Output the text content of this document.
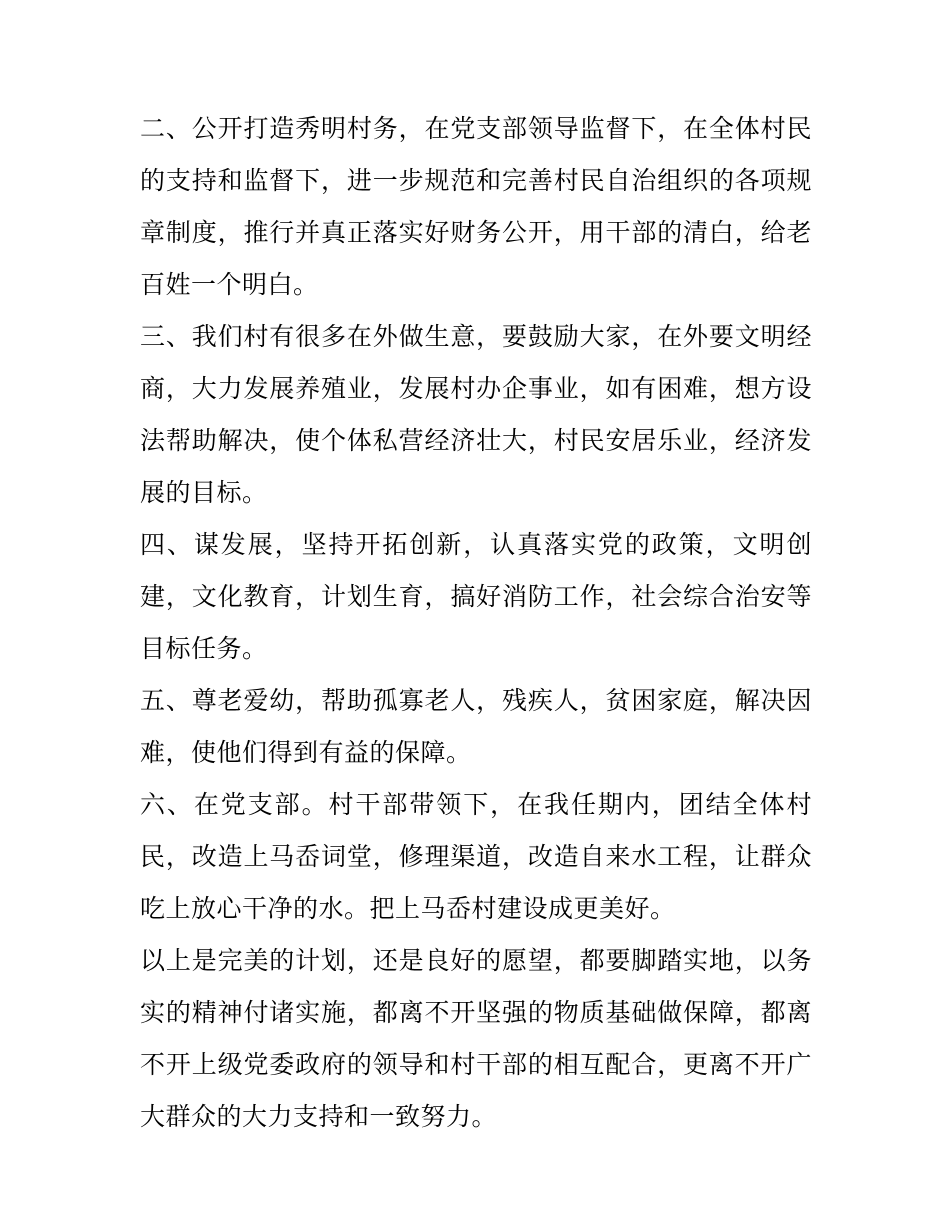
二、公开打造秀明村务，在党支部领导监督下，在全体村民的支持和监督下，进一步规范和完善村民自治组织的各项规章制度，推行并真正落实好财务公开，用干部的清白，给老百姓一个明白。

三、我们村有很多在外做生意，要鼓励大家，在外要文明经商，大力发展养殖业，发展村办企事业，如有困难，想方设法帮助解决，使个体私营经济壮大，村民安居乐业，经济发展的目标。

四、谋发展，坚持开拓创新，认真落实党的政策，文明创建，文化教育，计划生育，搞好消防工作，社会综合治安等目标任务。

五、尊老爱幼，帮助孤寡老人，残疾人，贫困家庭，解决因难，使他们得到有益的保障。

六、在党支部。村干部带领下，在我任期内，团结全体村民，改造上马岙词堂，修理渠道，改造自来水工程，让群众吃上放心干净的水。把上马岙村建设成更美好。

以上是完美的计划，还是良好的愿望，都要脚踏实地，以务实的精神付诸实施，都离不开坚强的物质基础做保障，都离不开上级党委政府的领导和村干部的相互配合，更离不开广大群众的大力支持和一致努力。
